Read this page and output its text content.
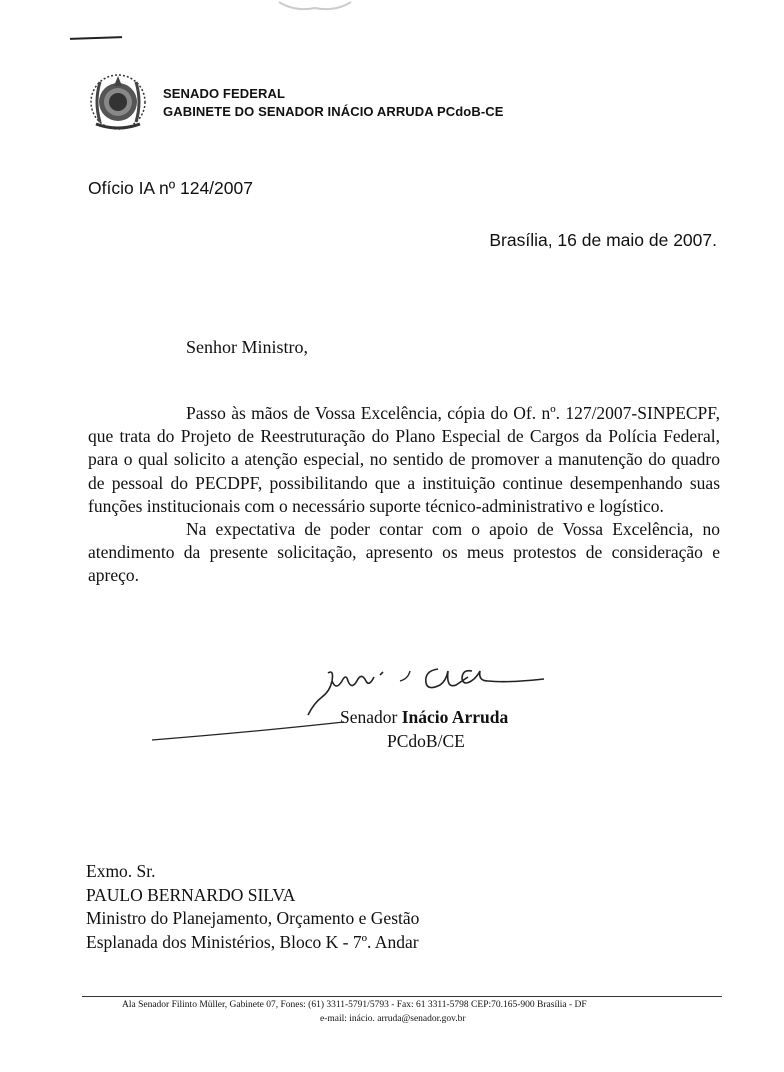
SENADO FEDERAL
GABINETE DO SENADOR INÁCIO ARRUDA PCdoB-CE
Ofício IA nº 124/2007
Brasília, 16 de maio de 2007.
Senhor Ministro,

Passo às mãos de Vossa Excelência, cópia do Of. nº. 127/2007-SINPECPF, que trata do Projeto de Reestruturação do Plano Especial de Cargos da Polícia Federal, para o qual solicito a atenção especial, no sentido de promover a manutenção do quadro de pessoal do PECDPF, possibilitando que a instituição continue desempenhando suas funções institucionais com o necessário suporte técnico-administrativo e logístico.

Na expectativa de poder contar com o apoio de Vossa Excelência, no atendimento da presente solicitação, apresento os meus protestos de consideração e apreço.

Senador Inácio Arruda
PCdoB/CE
Exmo. Sr.
PAULO BERNARDO SILVA
Ministro do Planejamento, Orçamento e Gestão
Esplanada dos Ministérios, Bloco K - 7º. Andar
Ala Senador Filinto Müller, Gabinete 07, Fones: (61) 3311-5791/5793 - Fax: 61 3311-5798 CEP:70.165-900 Brasília - DF
e-mail: inácio. arruda@senador.gov.br
